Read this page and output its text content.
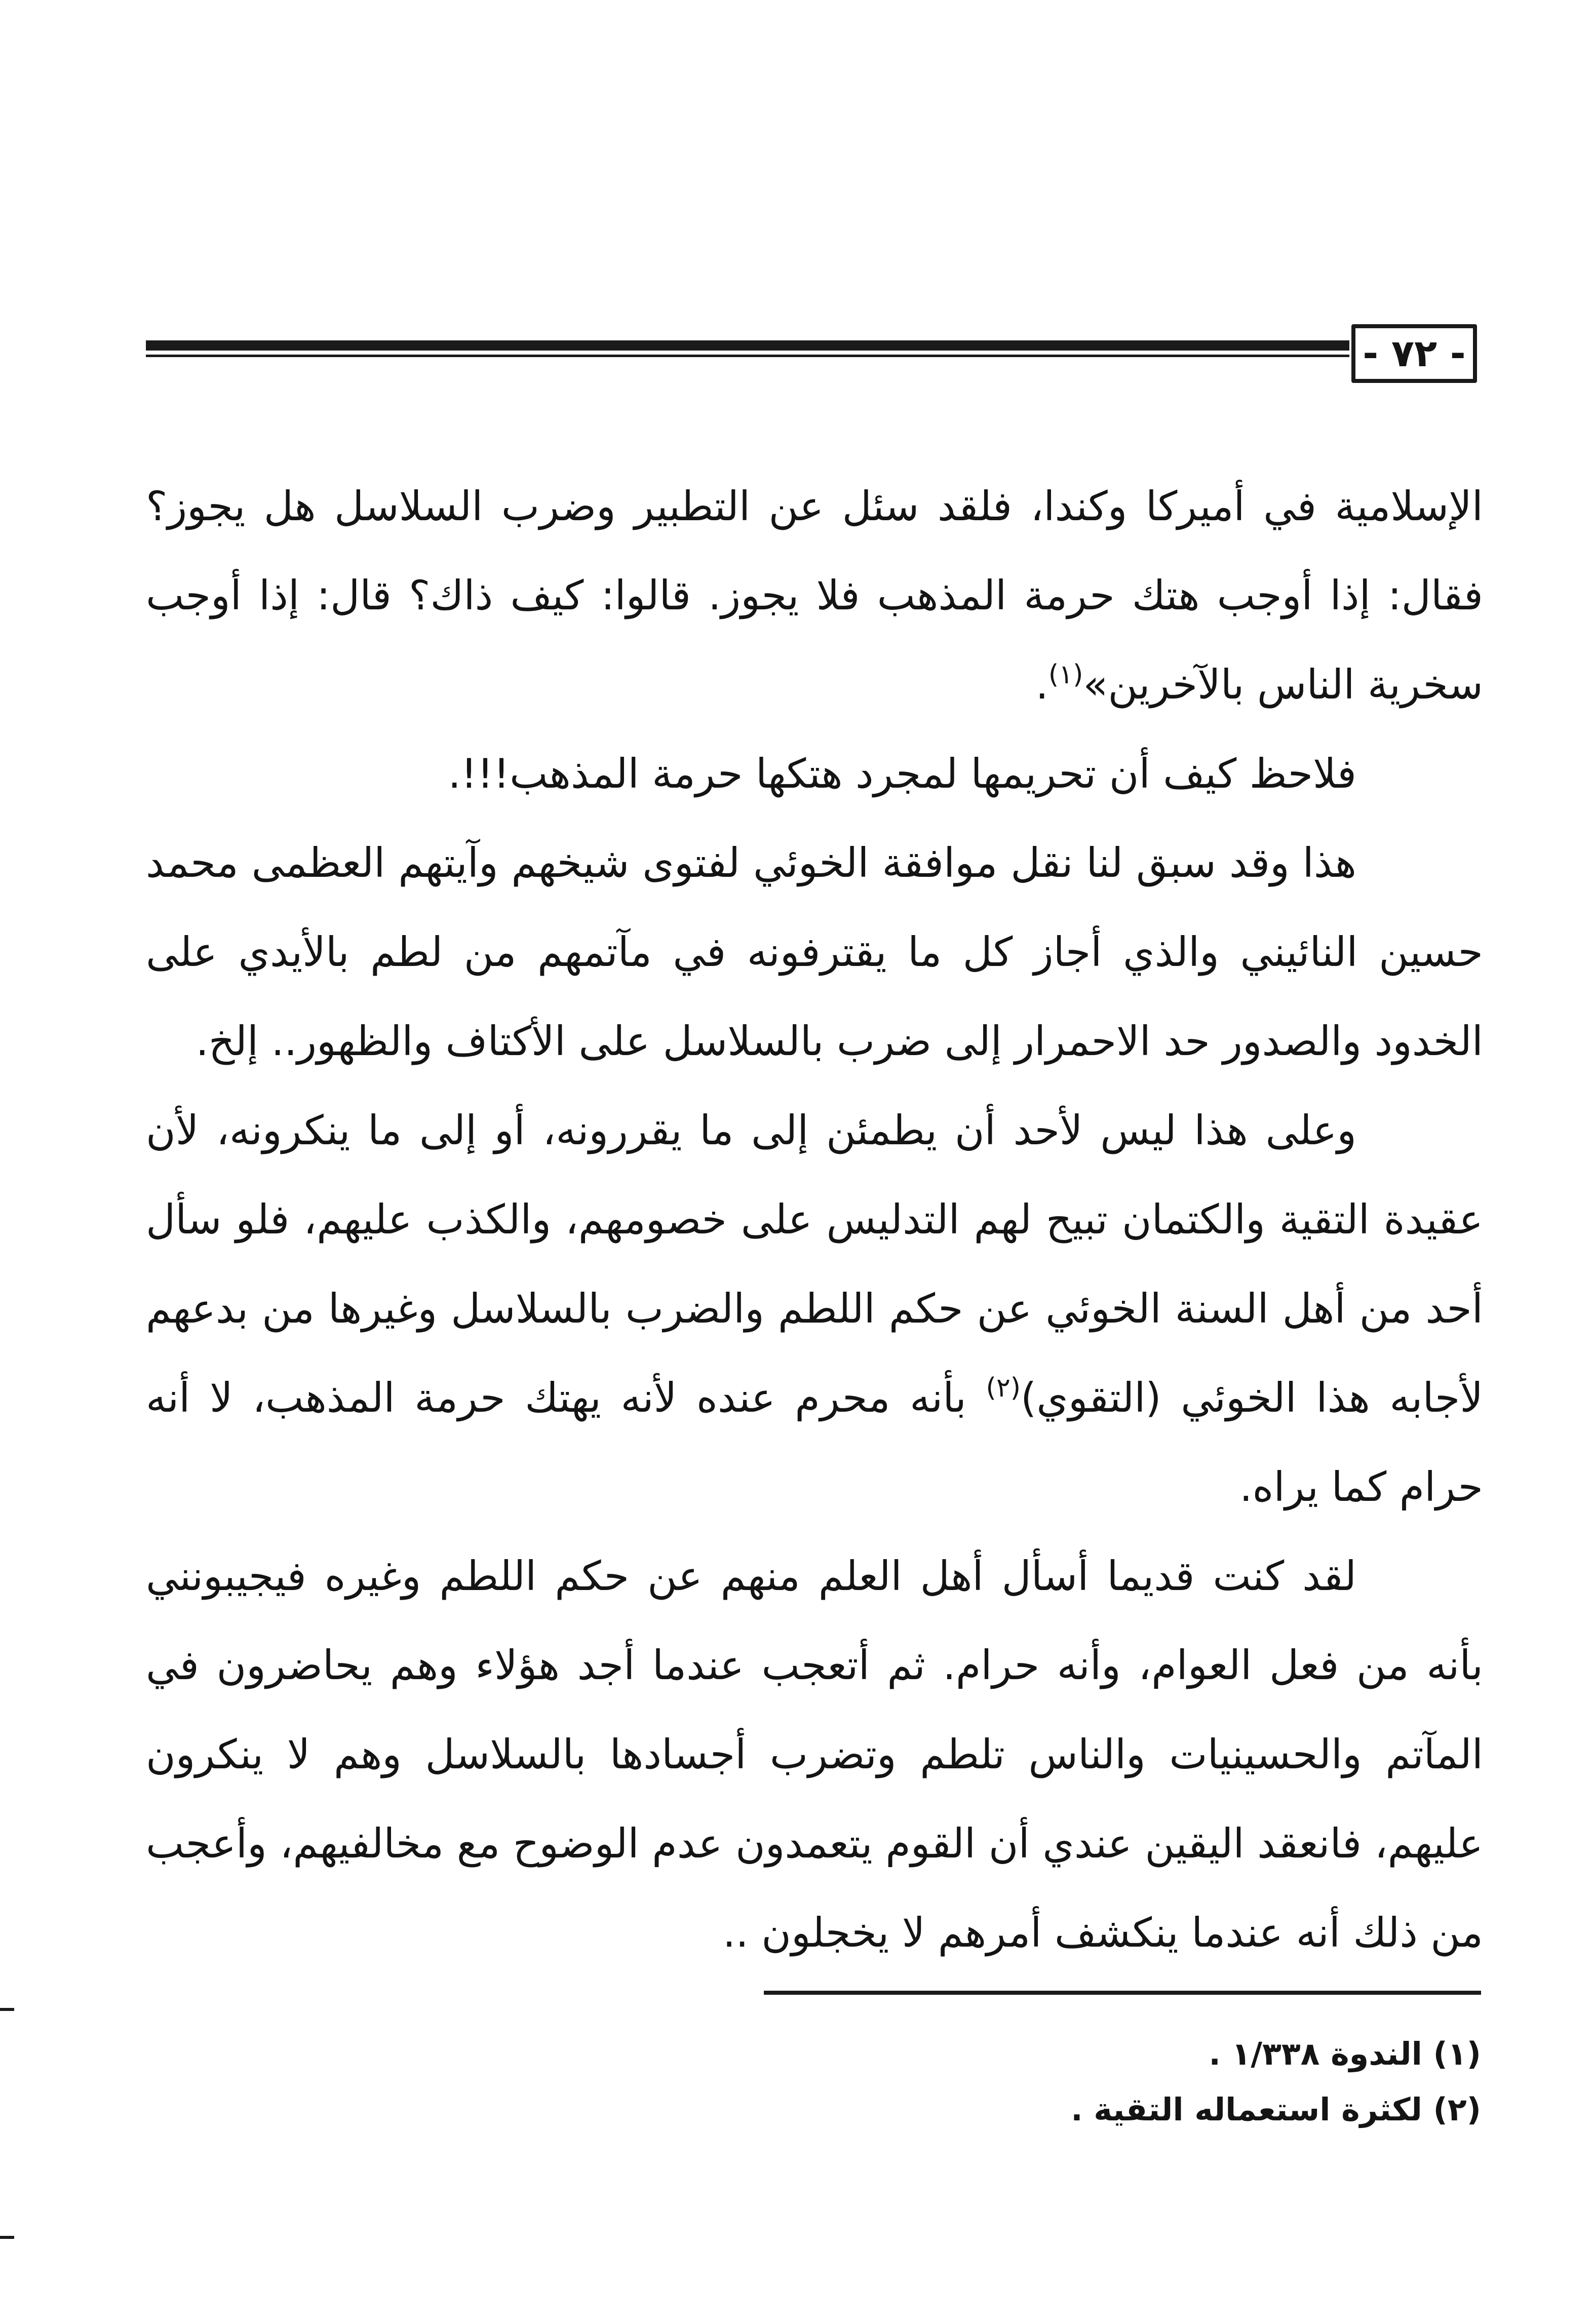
- ٧٢ -

الإسلامية في أميركا وكندا، فلقد سئل عن التطبير وضرب السلاسل هل يجوز؟ فقال: إذا أوجب هتك حرمة المذهب فلا يجوز. قالوا: كيف ذاك؟ قال: إذا أوجب سخرية الناس بالآخرين»$^{(١)}$.

فلاحظ كيف أن تحريمها لمجرد هتكها حرمة المذهب!!!.

هذا وقد سبق لنا نقل موافقة الخوئي لفتوى شيخهم وآيتهم العظمى محمد حسين النائيني والذي أجاز كل ما يقترفونه في مآتمهم من لطم بالأيدي على الخدود والصدور حد الاحمرار إلى ضرب بالسلاسل على الأكتاف والظهور.. إلخ.

وعلى هذا ليس لأحد أن يطمئن إلى ما يقررونه، أو إلى ما ينكرونه، لأن عقيدة التقية والكتمان تبيح لهم التدليس على خصومهم، والكذب عليهم، فلو سأل أحد من أهل السنة الخوئي عن حكم اللطم والضرب بالسلاسل وغيرها من بدعهم لأجابه هذا الخوئي (التقوي)$^{(٢)}$ بأنه محرم عنده لأنه يهتك حرمة المذهب، لا أنه حرام كما يراه.

لقد كنت قديما أسأل أهل العلم منهم عن حكم اللطم وغيره فيجيبونني بأنه من فعل العوام، وأنه حرام. ثم أتعجب عندما أجد هؤلاء وهم يحاضرون في المآتم والحسينيات والناس تلطم وتضرب أجسادها بالسلاسل وهم لا ينكرون عليهم، فانعقد اليقين عندي أن القوم يتعمدون عدم الوضوح مع مخالفيهم، وأعجب من ذلك أنه عندما ينكشف أمرهم لا يخجلون ..

(١) الندوة ١/٣٣٨ .

(٢) لكثرة استعماله التقية .
